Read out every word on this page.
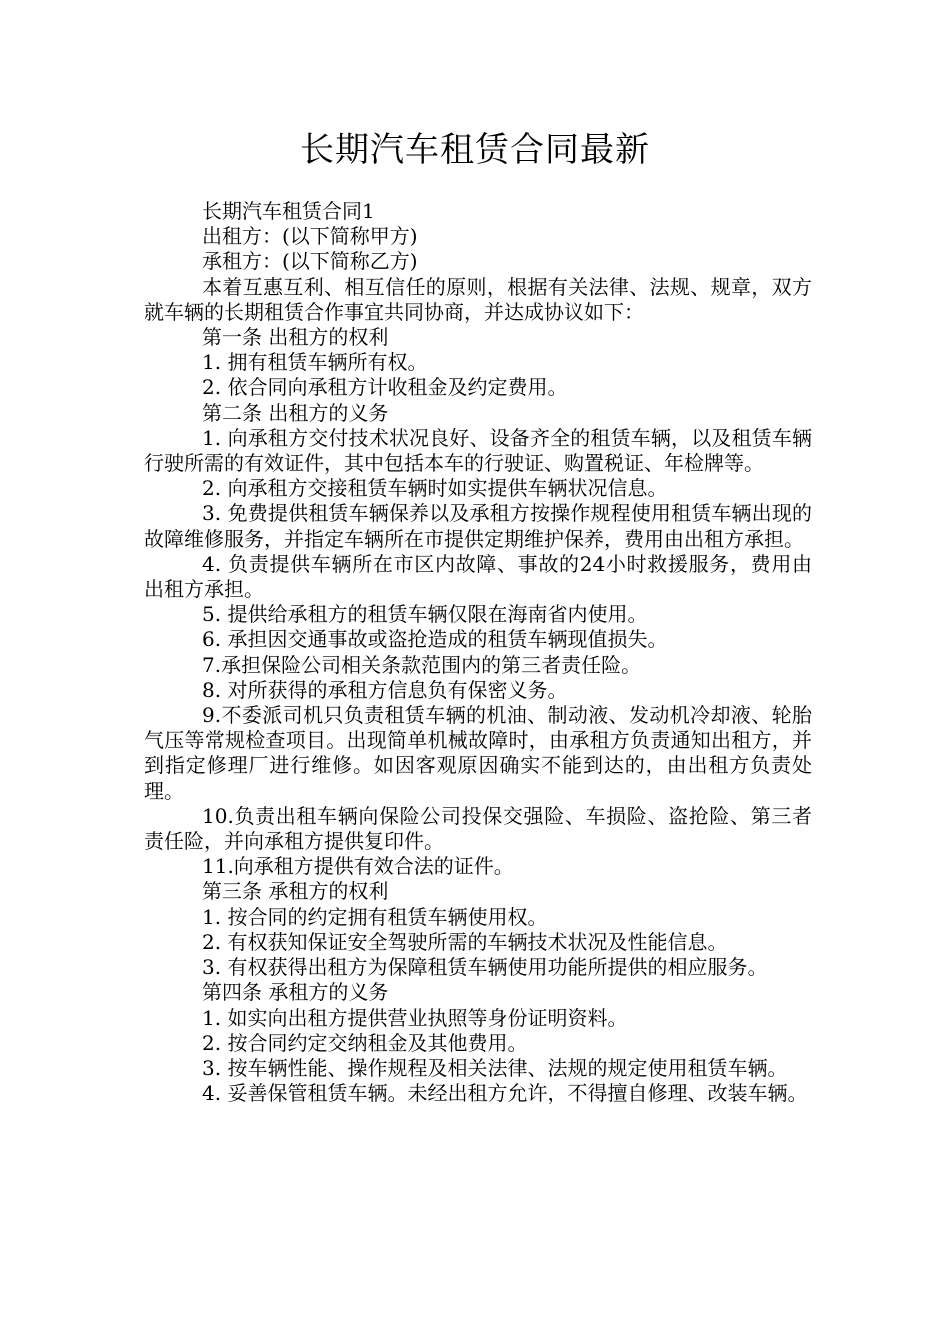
长期汽车租赁合同最新

长期汽车租赁合同1

出租方：(以下简称甲方)

承租方：(以下简称乙方)

本着互惠互利、相互信任的原则，根据有关法律、法规、规章，双方就车辆的长期租赁合作事宜共同协商，并达成协议如下：

第一条 出租方的权利

1. 拥有租赁车辆所有权。

2. 依合同向承租方计收租金及约定费用。

第二条 出租方的义务

1. 向承租方交付技术状况良好、设备齐全的租赁车辆，以及租赁车辆行驶所需的有效证件，其中包括本车的行驶证、购置税证、年检牌等。

2. 向承租方交接租赁车辆时如实提供车辆状况信息。

3. 免费提供租赁车辆保养以及承租方按操作规程使用租赁车辆出现的故障维修服务，并指定车辆所在市提供定期维护保养，费用由出租方承担。

4. 负责提供车辆所在市区内故障、事故的24小时救援服务，费用由出租方承担。

5. 提供给承租方的租赁车辆仅限在海南省内使用。

6. 承担因交通事故或盗抢造成的租赁车辆现值损失。

7.承担保险公司相关条款范围内的第三者责任险。

8. 对所获得的承租方信息负有保密义务。

9.不委派司机只负责租赁车辆的机油、制动液、发动机冷却液、轮胎气压等常规检查项目。出现简单机械故障时，由承租方负责通知出租方，并到指定修理厂进行维修。如因客观原因确实不能到达的，由出租方负责处理。

10.负责出租车辆向保险公司投保交强险、车损险、盗抢险、第三者责任险，并向承租方提供复印件。

11.向承租方提供有效合法的证件。

第三条 承租方的权利

1. 按合同的约定拥有租赁车辆使用权。

2. 有权获知保证安全驾驶所需的车辆技术状况及性能信息。

3. 有权获得出租方为保障租赁车辆使用功能所提供的相应服务。

第四条 承租方的义务

1. 如实向出租方提供营业执照等身份证明资料。

2. 按合同约定交纳租金及其他费用。

3. 按车辆性能、操作规程及相关法律、法规的规定使用租赁车辆。

4. 妥善保管租赁车辆。未经出租方允许，不得擅自修理、改装车辆。
